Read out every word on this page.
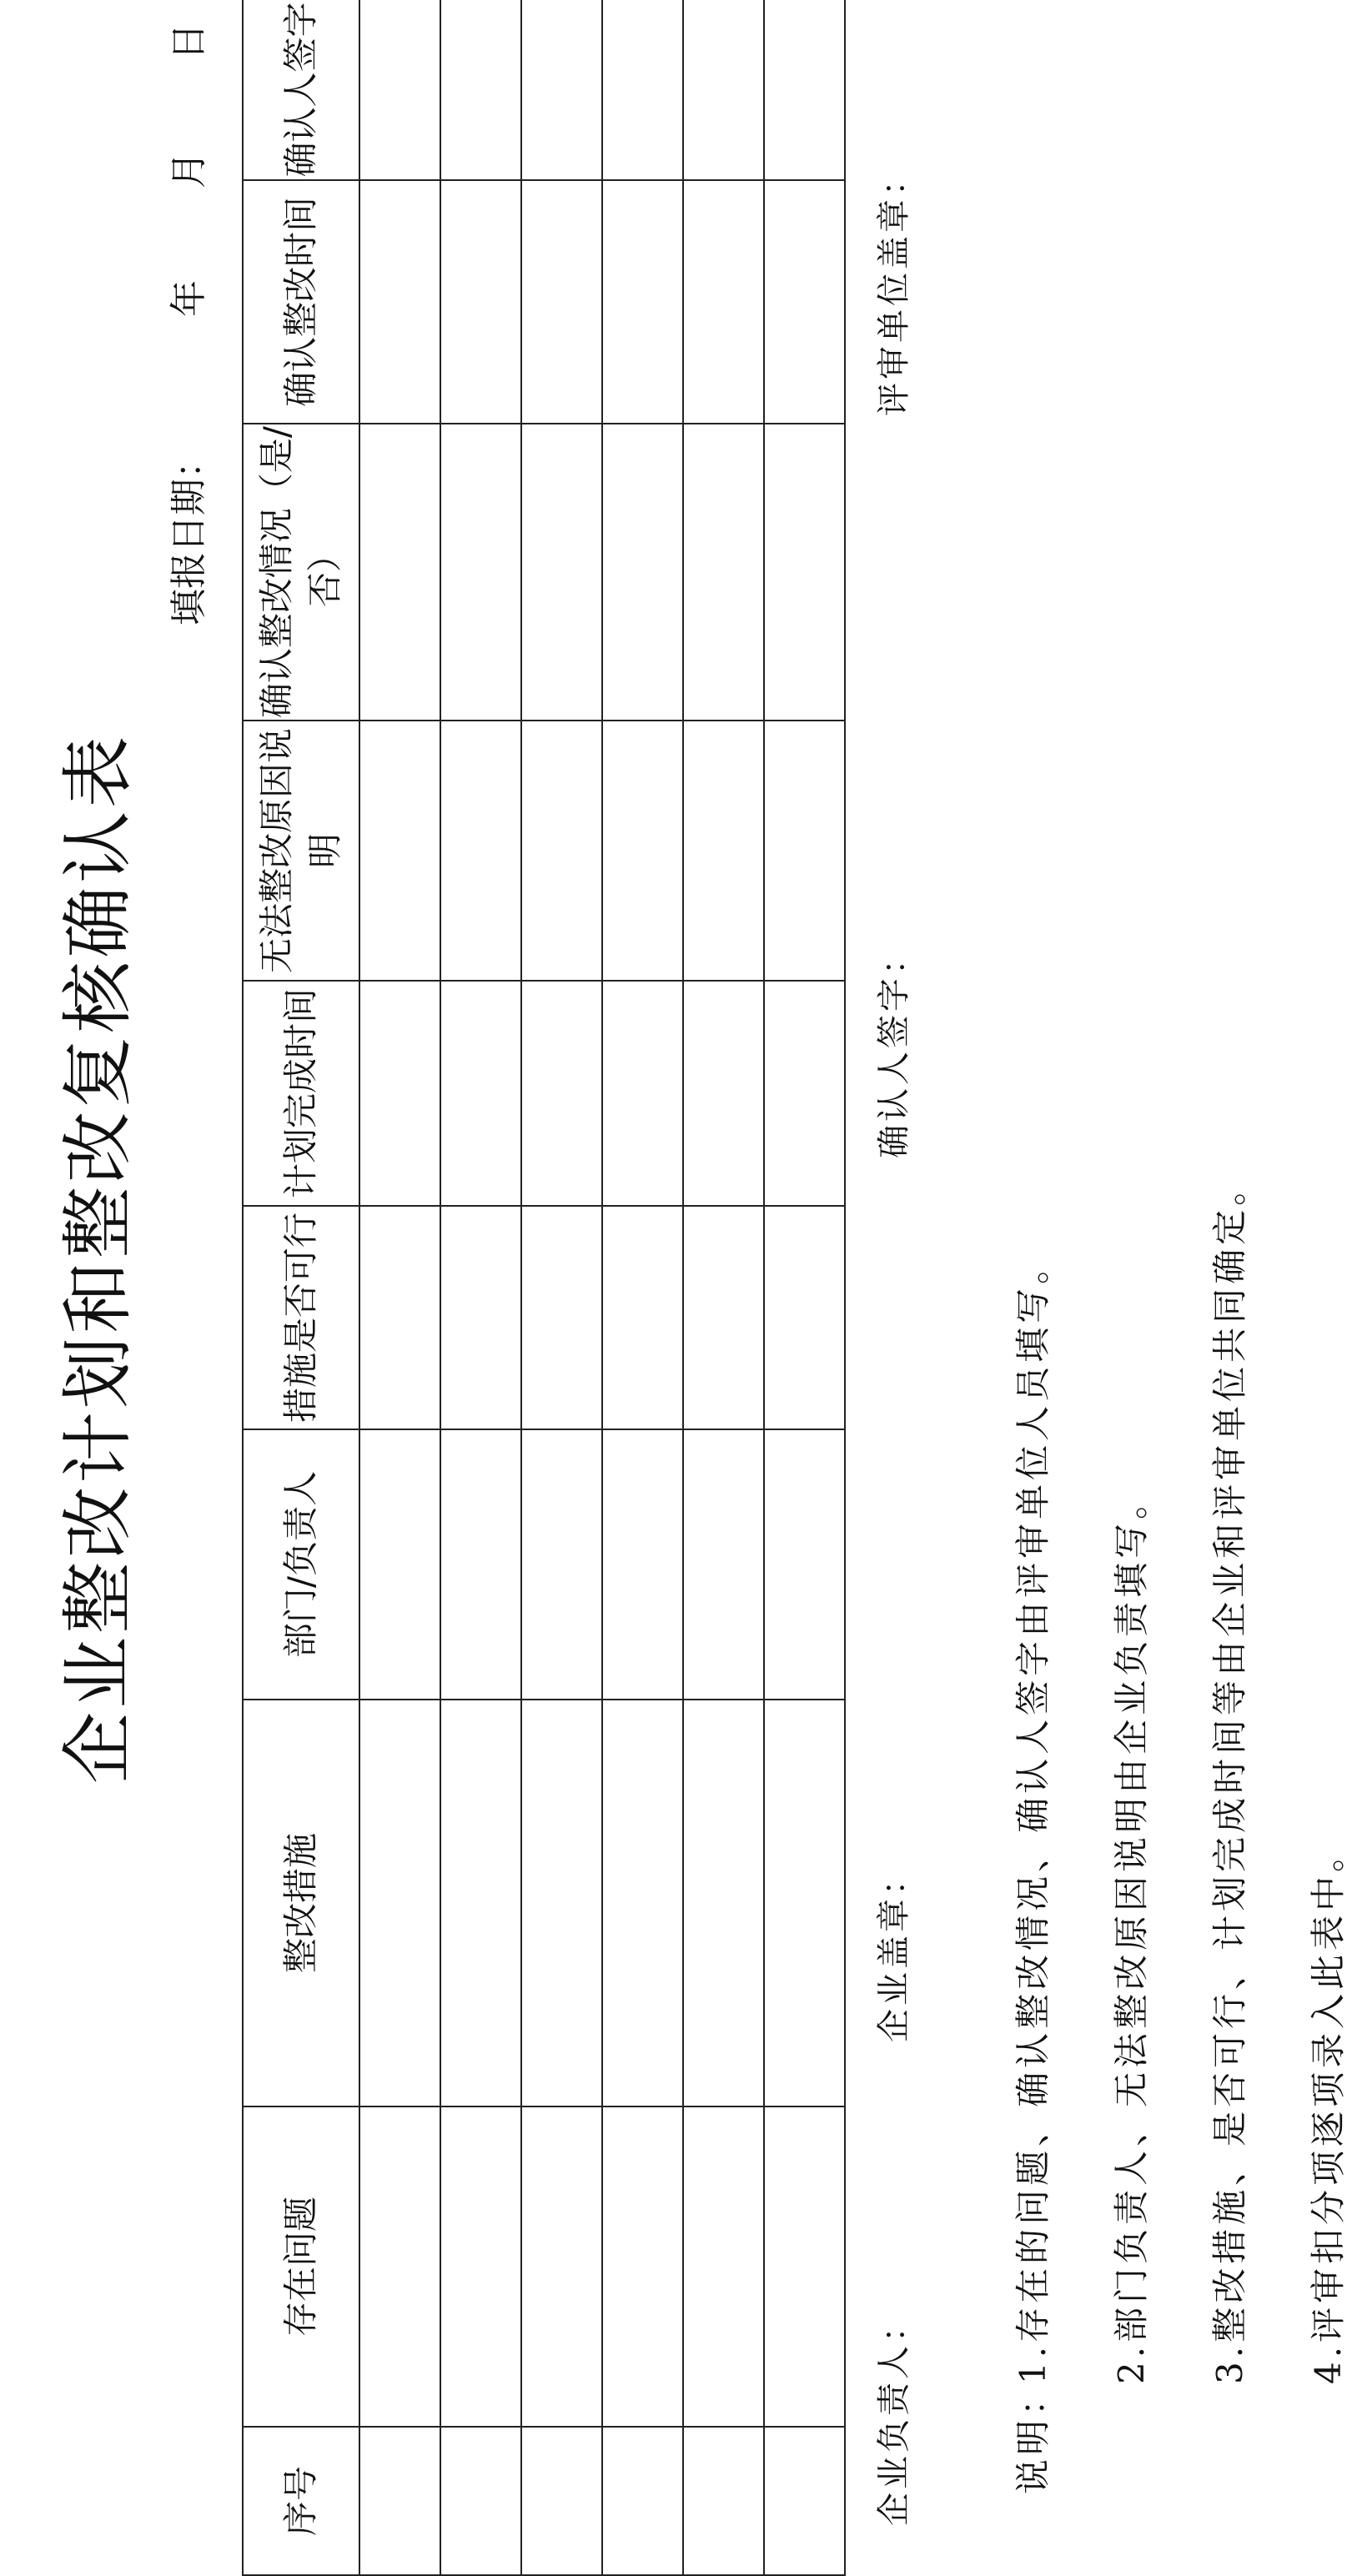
企业整改计划和整改复核确认表
填报日期：年月日
序号	存在问题	整改措施	部门/负责人	措施是否可行	计划完成时间	无法整改原因说明	确认整改情况（是/否）	确认整改时间	确认人签字

企业负责人：
企业盖章：
确认人签字：
评审单位盖章：
说明：1.存在的问题、确认整改情况、确认人签字由评审单位人员填写。	2.部门负责人、无法整改原因说明由企业负责填写。	3.整改措施、是否可行、计划完成时间等由企业和评审单位共同确定。	4.评审扣分项逐项录入此表中。
